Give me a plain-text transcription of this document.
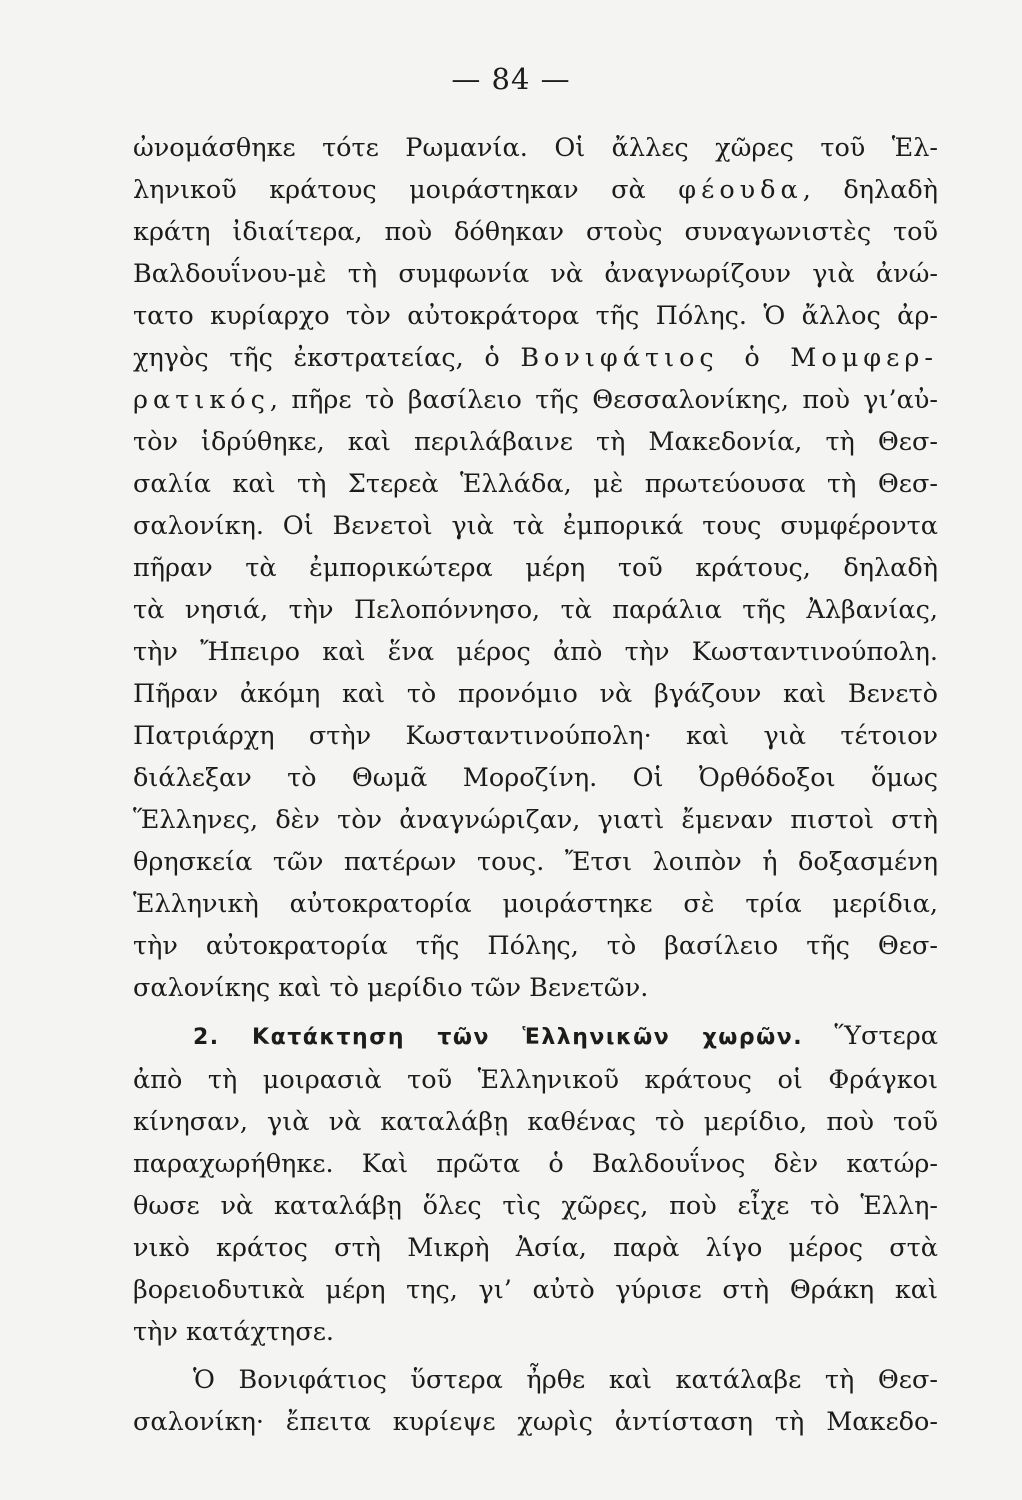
— 84 —
ὠνομάσθηκε τότε Ρωμανία. Οἱ ἄλλες χῶρες τοῦ Ἑλ-
ληνικοῦ κράτους μοιράστηκαν σὰ φέουδα, δηλαδὴ
κράτη ἰδιαίτερα, ποὺ δόθηκαν στοὺς συναγωνιστὲς τοῦ
Βαλδουΐνου-μὲ τὴ συμφωνία νὰ ἀναγνωρίζουν γιὰ ἀνώ-
τατο κυρίαρχο τὸν αὐτοκράτορα τῆς Πόλης. Ὁ ἄλλος ἀρ-
χηγὸς τῆς ἐκστρατείας, ὁ Βονιφάτιος ὁ Μομφερ-
ρατικός, πῆρε τὸ βασίλειο τῆς Θεσσαλονίκης, ποὺ γι’αὐ-
τὸν ἱδρύθηκε, καὶ περιλάβαινε τὴ Μακεδονία, τὴ Θεσ-
σαλία καὶ τὴ Στερεὰ Ἑλλάδα, μὲ πρωτεύουσα τὴ Θεσ-
σαλονίκη. Οἱ Βενετοὶ γιὰ τὰ ἐμπορικά τους συμφέροντα
πῆραν τὰ ἐμπορικώτερα μέρη τοῦ κράτους, δηλαδὴ
τὰ νησιά, τὴν Πελοπόννησο, τὰ παράλια τῆς Ἀλβανίας,
τὴν Ἤπειρο καὶ ἕνα μέρος ἀπὸ τὴν Κωσταντινούπολη.
Πῆραν ἀκόμη καὶ τὸ προνόμιο νὰ βγάζουν καὶ Βενετὸ
Πατριάρχη στὴν Κωσταντινούπολη· καὶ γιὰ τέτοιον
διάλεξαν τὸ Θωμᾶ Μοροζίνη. Οἱ Ὀρθόδοξοι ὅμως
Ἕλληνες, δὲν τὸν ἀναγνώριζαν, γιατὶ ἔμεναν πιστοὶ στὴ
θρησκεία τῶν πατέρων τους. Ἔτσι λοιπὸν ἡ δοξασμένη
Ἑλληνικὴ αὐτοκρατορία μοιράστηκε σὲ τρία μερίδια,
τὴν αὐτοκρατορία τῆς Πόλης, τὸ βασίλειο τῆς Θεσ-
σαλονίκης καὶ τὸ μερίδιο τῶν Βενετῶν.
2. Κατάκτηση τῶν Ἑλληνικῶν χωρῶν. Ὕστερα
ἀπὸ τὴ μοιρασιὰ τοῦ Ἑλληνικοῦ κράτους οἱ Φράγκοι
κίνησαν, γιὰ νὰ καταλάβῃ καθένας τὸ μερίδιο, ποὺ τοῦ
παραχωρήθηκε. Καὶ πρῶτα ὁ Βαλδουΐνος δὲν κατώρ-
θωσε νὰ καταλάβῃ ὅλες τὶς χῶρες, ποὺ εἶχε τὸ Ἑλλη-
νικὸ κράτος στὴ Μικρὴ Ἀσία, παρὰ λίγο μέρος στὰ
βορειοδυτικὰ μέρη της, γι’ αὐτὸ γύρισε στὴ Θράκη καὶ
τὴν κατάχτησε.
Ὁ Βονιφάτιος ὕστερα ἦρθε καὶ κατάλαβε τὴ Θεσ-
σαλονίκη· ἔπειτα κυρίεψε χωρὶς ἀντίσταση τὴ Μακεδο-
